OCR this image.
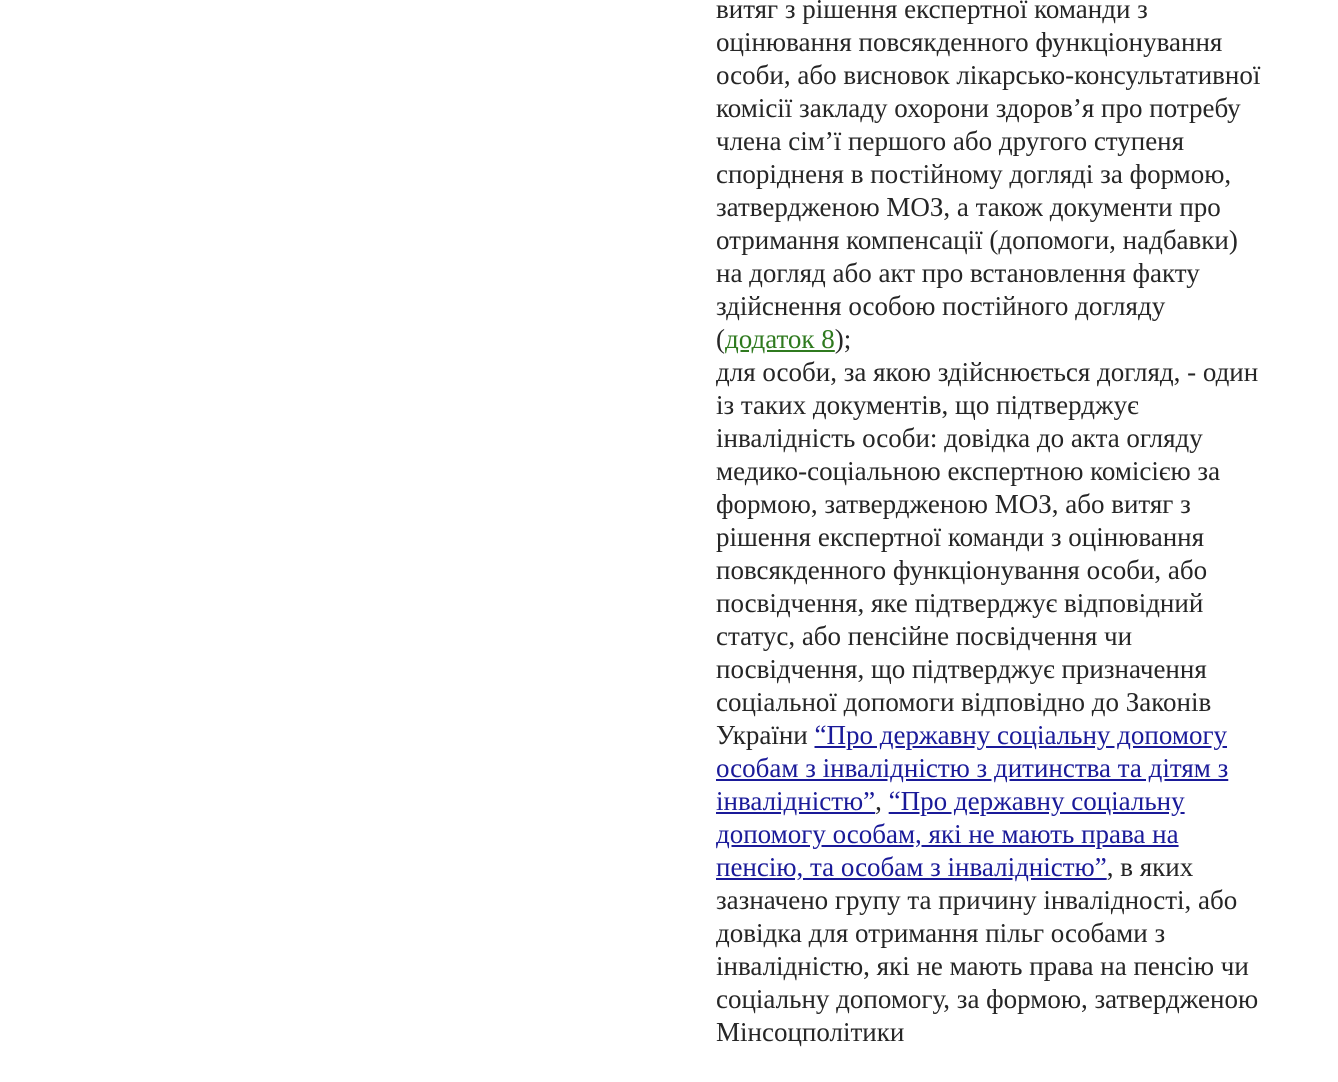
витяг з рішення експертної команди з
оцінювання повсякденного функціонування
особи, або висновок лікарсько-консультативної
комісії закладу охорони здоров’я про потребу
члена сім’ї першого або другого ступеня
спорідненя в постійному догляді за формою,
затвердженою МОЗ, а також документи про
отримання компенсації (допомоги, надбавки)
на догляд або акт про встановлення факту
здійснення особою постійного догляду
(додаток 8);
для особи, за якою здійснюється догляд, - один
із таких документів, що підтверджує
інвалідність особи: довідка до акта огляду
медико-соціальною експертною комісією за
формою, затвердженою МОЗ, або витяг з
рішення експертної команди з оцінювання
повсякденного функціонування особи, або
посвідчення, яке підтверджує відповідний
статус, або пенсійне посвідчення чи
посвідчення, що підтверджує призначення
соціальної допомоги відповідно до Законів
України “Про державну соціальну допомогу
особам з інвалідністю з дитинства та дітям з
інвалідністю”, “Про державну соціальну
допомогу особам, які не мають права на
пенсію, та особам з інвалідністю”, в яких
зазначено групу та причину інвалідності, або
довідка для отримання пільг особами з
інвалідністю, які не мають права на пенсію чи
соціальну допомогу, за формою, затвердженою
Мінсоцполітики
